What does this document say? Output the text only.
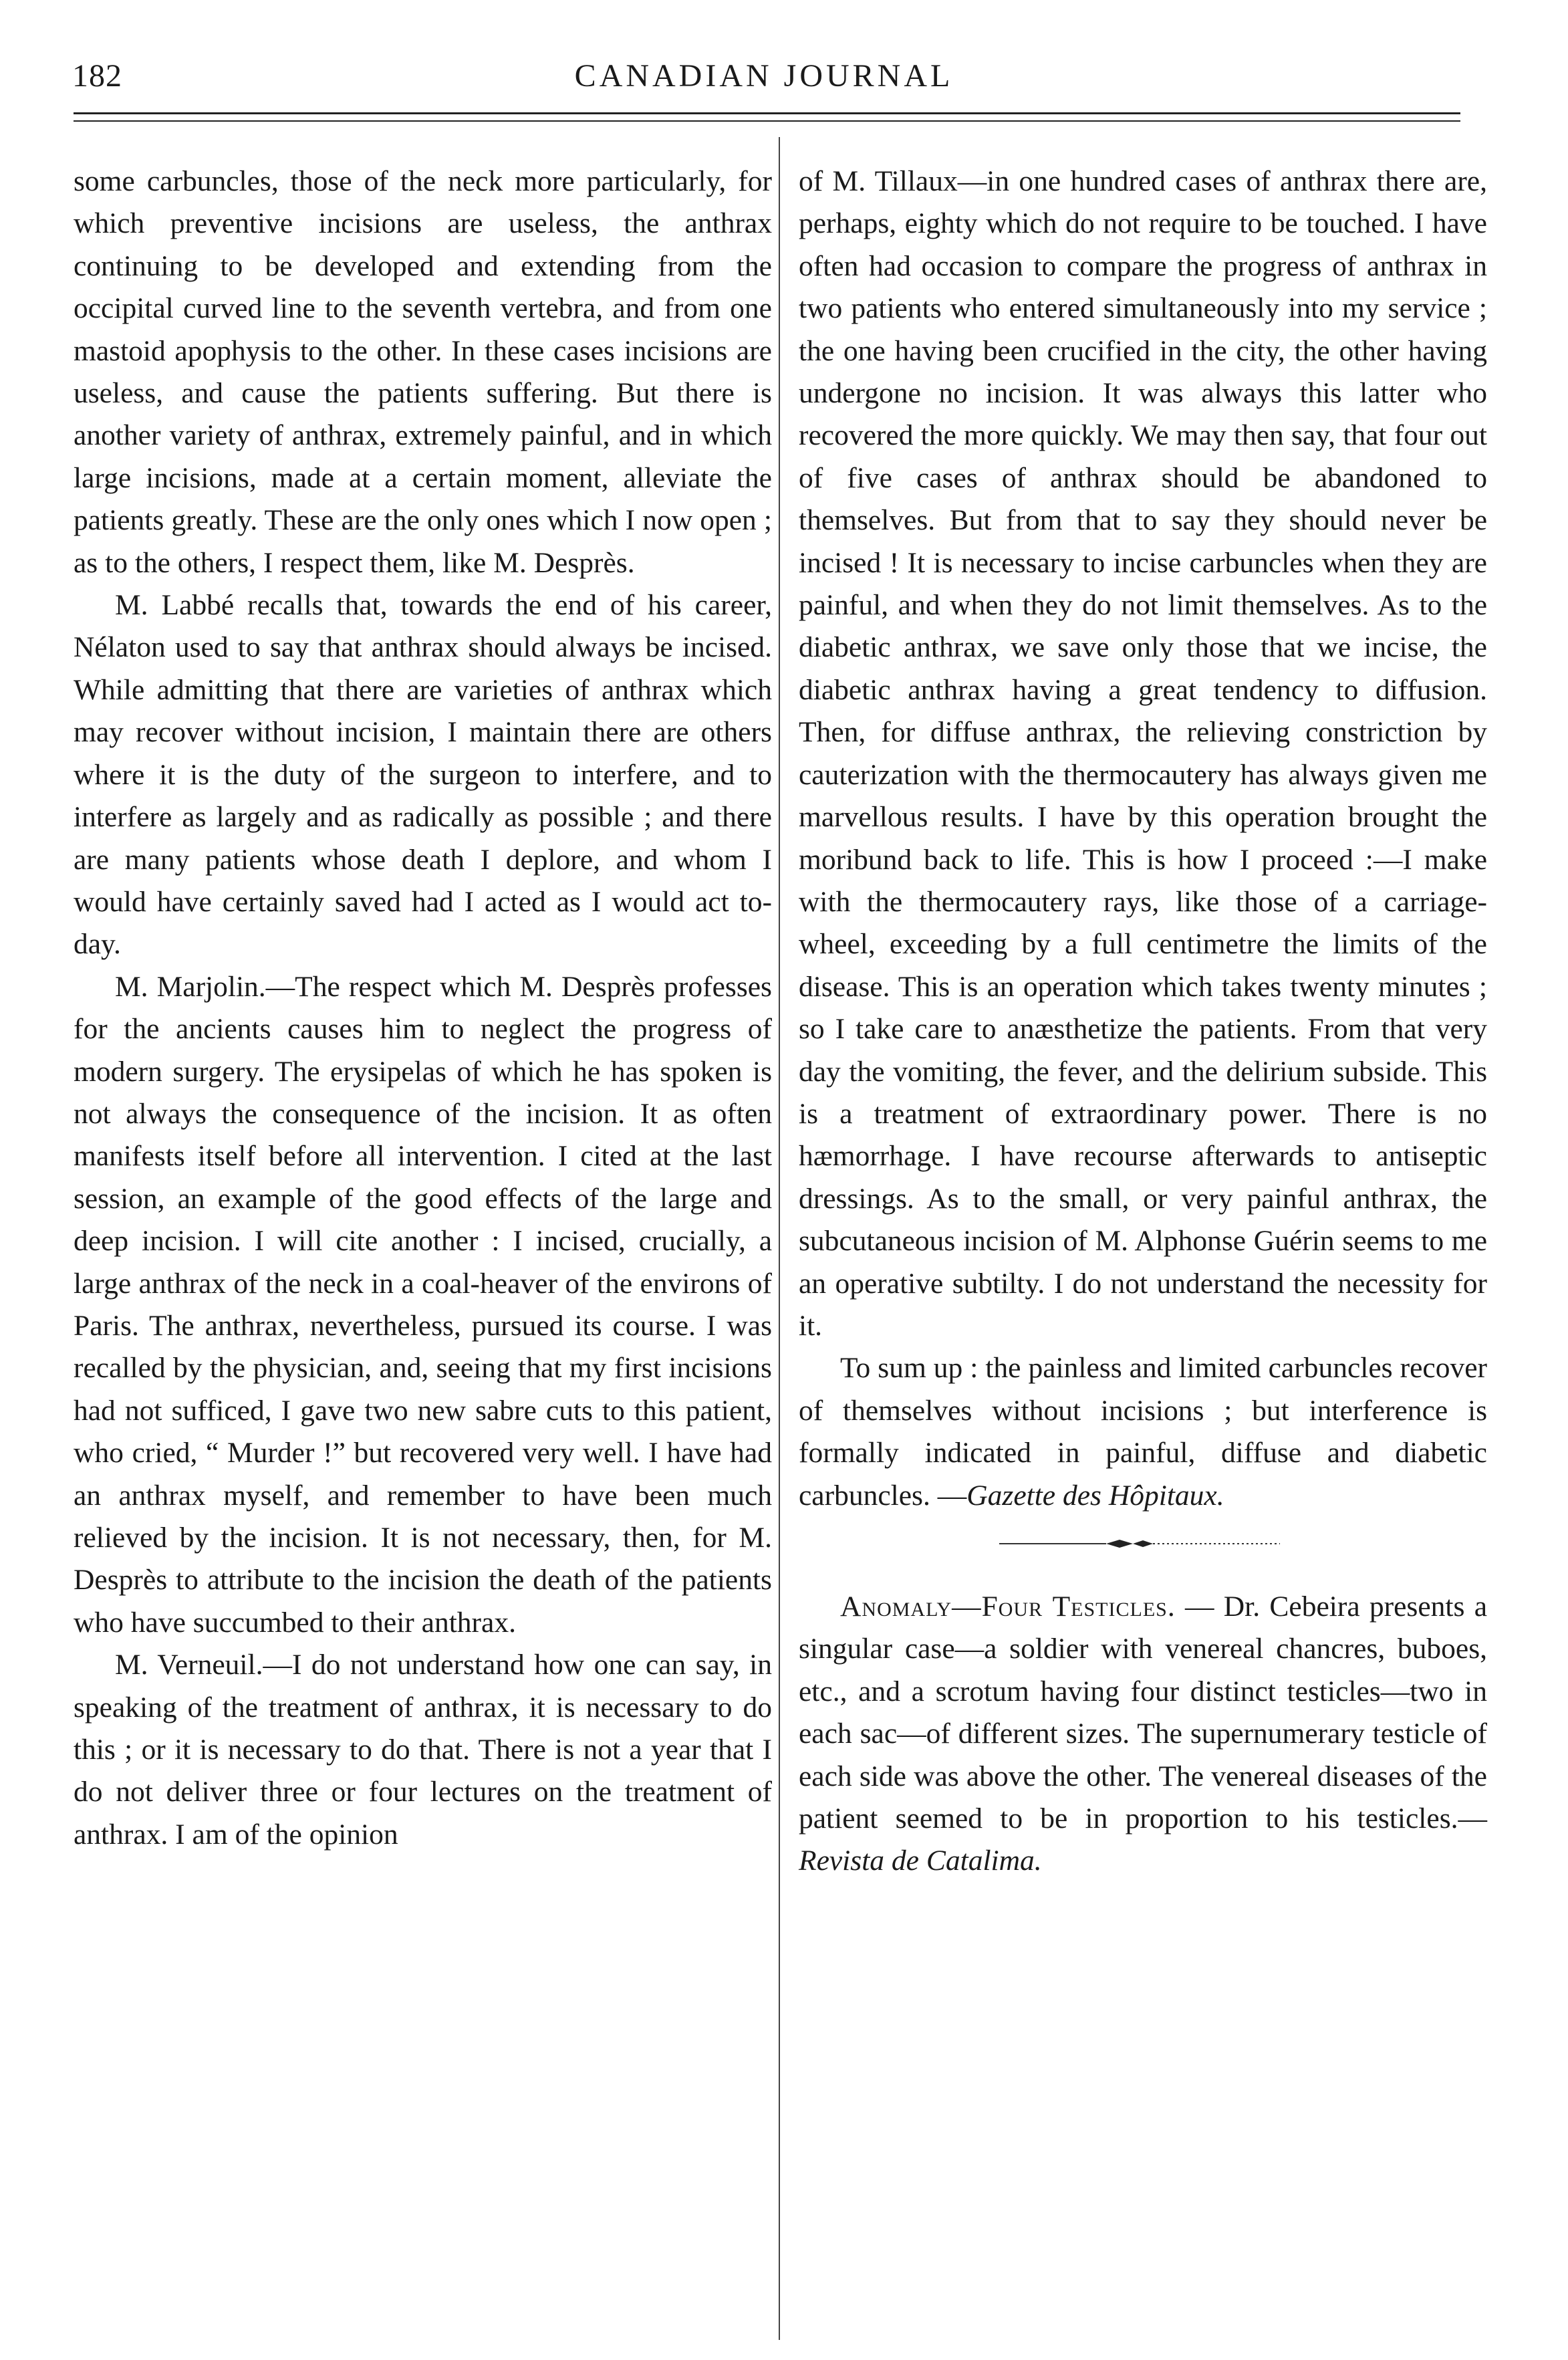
182	CANADIAN JOURNAL

some carbuncles, those of the neck more particularly, for which preventive incisions are useless, the anthrax continuing to be developed and extending from the occipital curved line to the seventh vertebra, and from one mastoid apophysis to the other. In these cases incisions are useless, and cause the patients suffering. But there is another variety of anthrax, extremely painful, and in which large incisions, made at a certain moment, alleviate the patients greatly. These are the only ones which I now open ; as to the others, I respect them, like M. Desprès.

M. Labbé recalls that, towards the end of his career, Nélaton used to say that anthrax should always be incised. While admitting that there are varieties of anthrax which may recover without incision, I maintain there are others where it is the duty of the surgeon to interfere, and to interfere as largely and as radically as possible ; and there are many patients whose death I deplore, and whom I would have certainly saved had I acted as I would act to-day.

M. Marjolin.—The respect which M. Desprès professes for the ancients causes him to neglect the progress of modern surgery. The erysipelas of which he has spoken is not always the consequence of the incision. It as often manifests itself before all intervention. I cited at the last session, an example of the good effects of the large and deep incision. I will cite another : I incised, crucially, a large anthrax of the neck in a coal-heaver of the environs of Paris. The anthrax, nevertheless, pursued its course. I was recalled by the physician, and, seeing that my first incisions had not sufficed, I gave two new sabre cuts to this patient, who cried, “ Murder !” but recovered very well. I have had an anthrax myself, and remember to have been much relieved by the incision. It is not necessary, then, for M. Desprès to attribute to the incision the death of the patients who have succumbed to their anthrax.

M. Verneuil.—I do not understand how one can say, in speaking of the treatment of anthrax, it is necessary to do this ; or it is necessary to do that. There is not a year that I do not deliver three or four lectures on the treatment of anthrax. I am of the opinion

of M. Tillaux—in one hundred cases of anthrax there are, perhaps, eighty which do not require to be touched. I have often had occasion to compare the progress of anthrax in two patients who entered simultaneously into my service ; the one having been crucified in the city, the other having undergone no incision. It was always this latter who recovered the more quickly. We may then say, that four out of five cases of anthrax should be abandoned to themselves. But from that to say they should never be incised ! It is necessary to incise carbuncles when they are painful, and when they do not limit themselves. As to the diabetic anthrax, we save only those that we incise, the diabetic anthrax having a great tendency to diffusion. Then, for diffuse anthrax, the relieving constriction by cauterization with the thermocautery has always given me marvellous results. I have by this operation brought the moribund back to life. This is how I proceed :—I make with the thermocautery rays, like those of a carriage-wheel, exceeding by a full centimetre the limits of the disease. This is an operation which takes twenty minutes ; so I take care to anæsthetize the patients. From that very day the vomiting, the fever, and the delirium subside. This is a treatment of extraordinary power. There is no hæmorrhage. I have recourse afterwards to antiseptic dressings. As to the small, or very painful anthrax, the subcutaneous incision of M. Alphonse Guérin seems to me an operative subtilty. I do not understand the necessity for it.

To sum up : the painless and limited carbuncles recover of themselves without incisions ; but interference is formally indicated in painful, diffuse and diabetic carbuncles. —Gazette des Hôpitaux.

Anomaly—Four Testicles. — Dr. Cebeira presents a singular case—a soldier with venereal chancres, buboes, etc., and a scrotum having four distinct testicles—two in each sac—of different sizes. The supernumerary testicle of each side was above the other. The venereal diseases of the patient seemed to be in proportion to his testicles.—Revista de Catalima.
